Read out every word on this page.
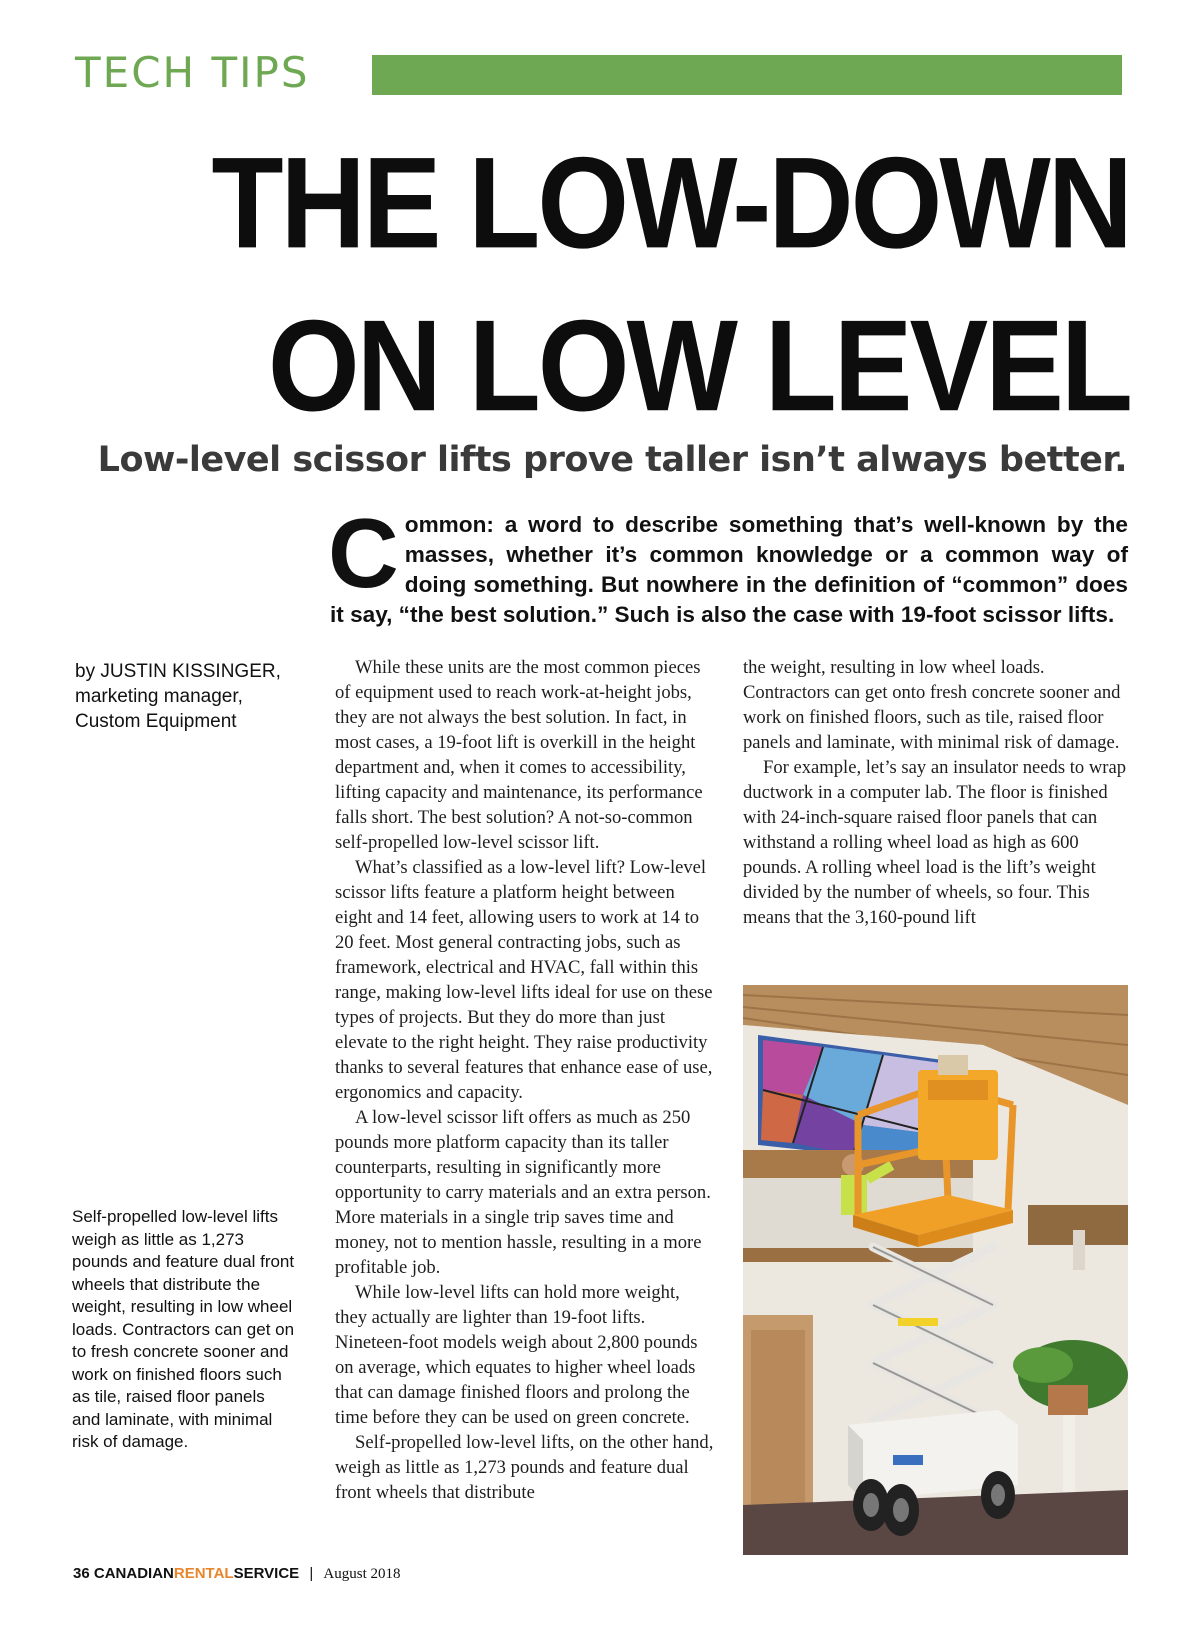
TECH TIPS
THE LOW-DOWN
ON LOW LEVEL
Low-level scissor lifts prove taller isn’t always better.
C ommon: a word to describe something that’s well-known by the masses, whether it’s common knowledge or a common way of doing something. But nowhere in the definition of “common” does it say, “the best solution.” Such is also the case with 19-foot scissor lifts.
by JUSTIN KISSINGER,
marketing manager,
Custom Equipment
Self-propelled low-level lifts weigh as little as 1,273 pounds and feature dual front wheels that distribute the weight, resulting in low wheel loads. Contractors can get on to fresh concrete sooner and work on finished floors such as tile, raised floor panels and laminate, with minimal risk of damage.

While these units are the most common pieces of equipment used to reach work-at-height jobs, they are not always the best solution. In fact, in most cases, a 19-foot lift is overkill in the height department and, when it comes to accessibility, lifting capacity and maintenance, its performance falls short. The best solution? A not-so-common self-propelled low-level scissor lift.

What’s classified as a low-level lift? Low-level scissor lifts feature a platform height between eight and 14 feet, allowing users to work at 14 to 20 feet. Most general contracting jobs, such as framework, electrical and HVAC, fall within this range, making low-level lifts ideal for use on these types of projects. But they do more than just elevate to the right height. They raise productivity thanks to several features that enhance ease of use, ergonomics and capacity.

A low-level scissor lift offers as much as 250 pounds more platform capacity than its taller counterparts, resulting in significantly more opportunity to carry materials and an extra person. More materials in a single trip saves time and money, not to mention hassle, resulting in a more profitable job.

While low-level lifts can hold more weight, they actually are lighter than 19-foot lifts. Nineteen-foot models weigh about 2,800 pounds on average, which equates to higher wheel loads that can damage finished floors and prolong the time before they can be used on green concrete.

Self-propelled low-level lifts, on the other hand, weigh as little as 1,273 pounds and feature dual front wheels that distribute

the weight, resulting in low wheel loads. Contractors can get onto fresh concrete sooner and work on finished floors, such as tile, raised floor panels and laminate, with minimal risk of damage.

For example, let’s say an insulator needs to wrap ductwork in a computer lab. The floor is finished with 24-inch-square raised floor panels that can withstand a rolling wheel load as high as 600 pounds. A rolling wheel load is the lift’s weight divided by the number of wheels, so four. This means that the 3,160-pound lift

36 CANADIANRENTALSERVICE | August 2018
